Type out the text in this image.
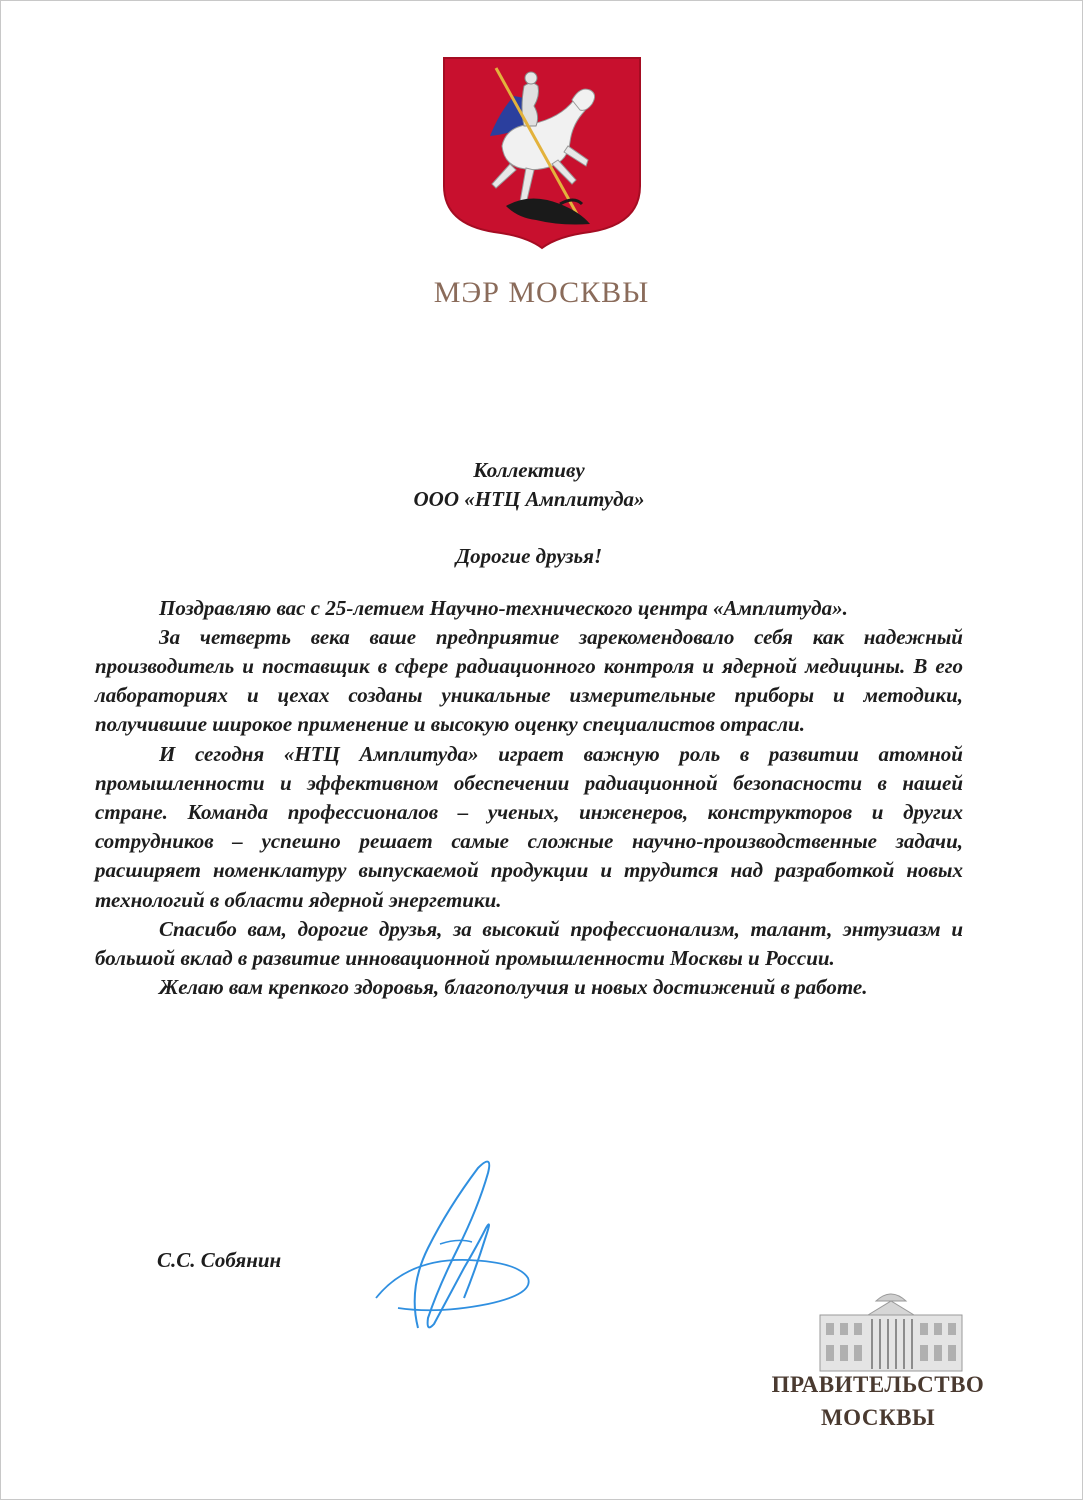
МЭР МОСКВЫ
Коллективу
ООО «НТЦ Амплитуда»
Дорогие друзья!

Поздравляю вас с 25-летием Научно-технического центра «Амплитуда».

За четверть века ваше предприятие зарекомендовало себя как надежный производитель и поставщик в сфере радиационного контроля и ядерной медицины. В его лабораториях и цехах созданы уникальные измерительные приборы и методики, получившие широкое применение и высокую оценку специалистов отрасли.

И сегодня «НТЦ Амплитуда» играет важную роль в развитии атомной промышленности и эффективном обеспечении радиационной безопасности в нашей стране. Команда профессионалов – ученых, инженеров, конструкторов и других сотрудников – успешно решает самые сложные научно-производственные задачи, расширяет номенклатуру выпускаемой продукции и трудится над разработкой новых технологий в области ядерной энергетики.

Спасибо вам, дорогие друзья, за высокий профессионализм, талант, энтузиазм и большой вклад в развитие инновационной промышленности Москвы и России.

Желаю вам крепкого здоровья, благополучия и новых достижений в работе.

С.С. Собянин
ПРАВИТЕЛЬСТВО
МОСКВЫ
